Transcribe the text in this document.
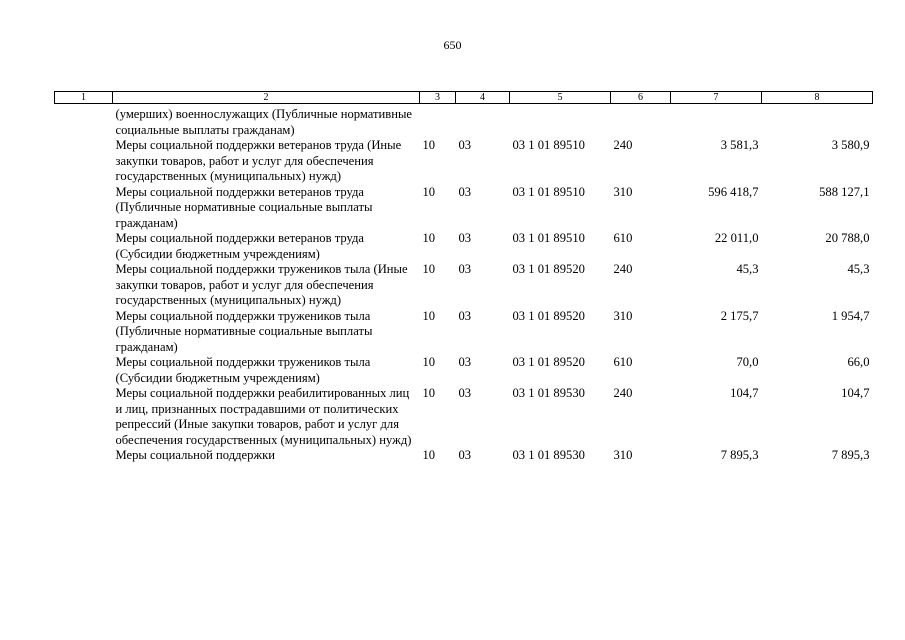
650
1	2	3	4	5	6	7	8
	(умерших) военнослужащих (Публичные нормативные социальные выплаты гражданам)						
	Меры социальной поддержки ветеранов труда (Иные закупки товаров, работ и услуг для обеспечения государственных (муниципальных) нужд)	10	03	03 1 01 89510	240	3 581,3	3 580,9
	Меры социальной поддержки ветеранов труда (Публичные нормативные социальные выплаты гражданам)	10	03	03 1 01 89510	310	596 418,7	588 127,1
	Меры социальной поддержки ветеранов труда (Субсидии бюджетным учреждениям)	10	03	03 1 01 89510	610	22 011,0	20 788,0
	Меры социальной поддержки тружеников тыла (Иные закупки товаров, работ и услуг для обеспечения государственных (муниципальных) нужд)	10	03	03 1 01 89520	240	45,3	45,3
	Меры социальной поддержки тружеников тыла (Публичные нормативные социальные выплаты гражданам)	10	03	03 1 01 89520	310	2 175,7	1 954,7
	Меры социальной поддержки тружеников тыла (Субсидии бюджетным учреждениям)	10	03	03 1 01 89520	610	70,0	66,0
	Меры социальной поддержки реабилитированных лиц и лиц, признанных пострадавшими от политических репрессий (Иные закупки товаров, работ и услуг для обеспечения государственных (муниципальных) нужд)	10	03	03 1 01 89530	240	104,7	104,7
	Меры социальной поддержки	10	03	03 1 01 89530	310	7 895,3	7 895,3
